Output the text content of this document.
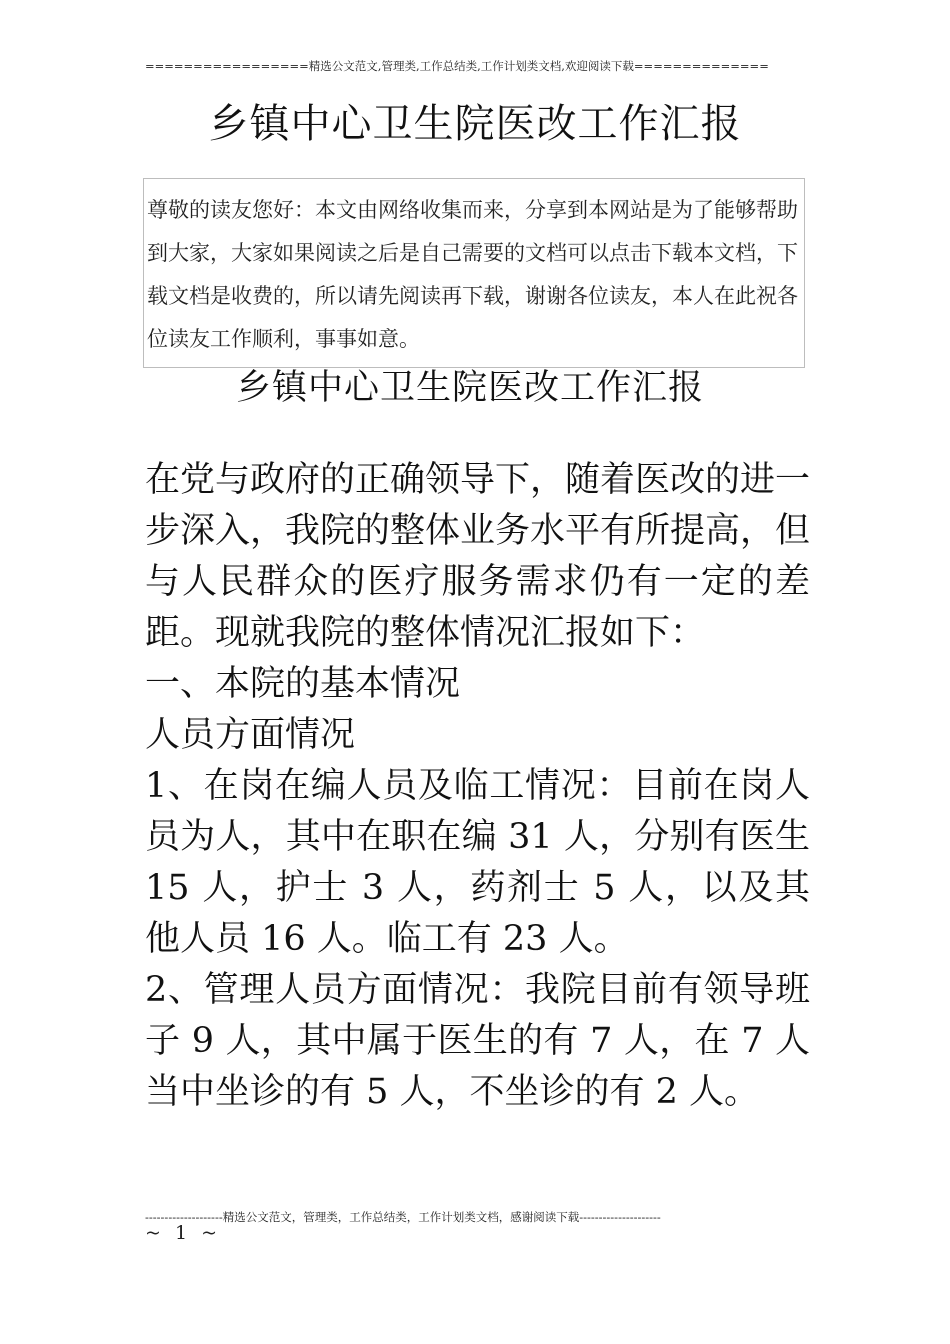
=================精选公文范文,管理类,工作总结类,工作计划类文档,欢迎阅读下载==============
乡镇中心卫生院医改工作汇报

尊敬的读友您好：本文由网络收集而来，分享到本网站是为了能够帮助到大家，大家如果阅读之后是自己需要的文档可以点击下载本文档，下载文档是收费的，所以请先阅读再下载，谢谢各位读友，本人在此祝各位读友工作顺利，事事如意。

乡镇中心卫生院医改工作汇报

在党与政府的正确领导下，随着医改的进一步深入，我院的整体业务水平有所提高，但与人民群众的医疗服务需求仍有一定的差距。现就我院的整体情况汇报如下：

一、本院的基本情况

人员方面情况

1、在岗在编人员及临工情况：目前在岗人员为人，其中在职在编 31 人，分别有医生 15 人，护士 3 人，药剂士 5 人，以及其他人员 16 人。临工有 23 人。

2、管理人员方面情况：我院目前有领导班子 9 人，其中属于医生的有 7 人，在 7 人当中坐诊的有 5 人，不坐诊的有 2 人。

--------------------精选公文范文，管理类，工作总结类，工作计划类文档，感谢阅读下载---------------------
~ 1 ~
